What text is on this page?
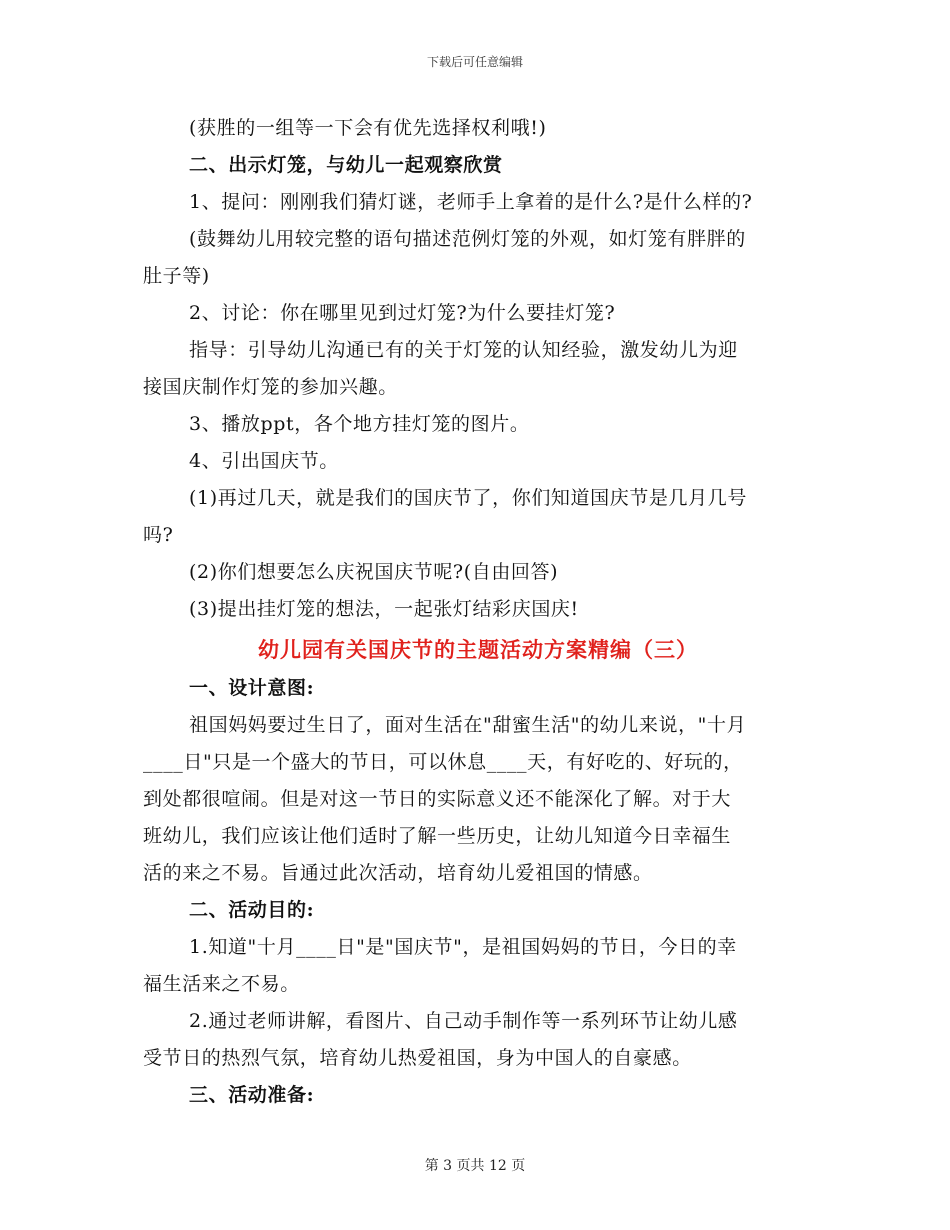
下载后可任意编辑
(获胜的一组等一下会有优先选择权利哦!)
二、出示灯笼，与幼儿一起观察欣赏
1、提问：刚刚我们猜灯谜，老师手上拿着的是什么?是什么样的?
(鼓舞幼儿用较完整的语句描述范例灯笼的外观，如灯笼有胖胖的
肚子等)
2、讨论：你在哪里见到过灯笼?为什么要挂灯笼?
指导：引导幼儿沟通已有的关于灯笼的认知经验，激发幼儿为迎
接国庆制作灯笼的参加兴趣。
3、播放ppt，各个地方挂灯笼的图片。
4、引出国庆节。
(1)再过几天，就是我们的国庆节了，你们知道国庆节是几月几号
吗?
(2)你们想要怎么庆祝国庆节呢?(自由回答)
(3)提出挂灯笼的想法，一起张灯结彩庆国庆!
幼儿园有关国庆节的主题活动方案精编（三）
一、设计意图:
祖国妈妈要过生日了，面对生活在"甜蜜生活"的幼儿来说，"十月
____日"只是一个盛大的节日，可以休息____天，有好吃的、好玩的，
到处都很喧闹。但是对这一节日的实际意义还不能深化了解。对于大
班幼儿，我们应该让他们适时了解一些历史，让幼儿知道今日幸福生
活的来之不易。旨通过此次活动，培育幼儿爱祖国的情感。
二、活动目的:
1.知道"十月____日"是"国庆节"，是祖国妈妈的节日，今日的幸
福生活来之不易。
2.通过老师讲解，看图片、自己动手制作等一系列环节让幼儿感
受节日的热烈气氛，培育幼儿热爱祖国，身为中国人的自豪感。
三、活动准备:
第 3 页共 12 页
